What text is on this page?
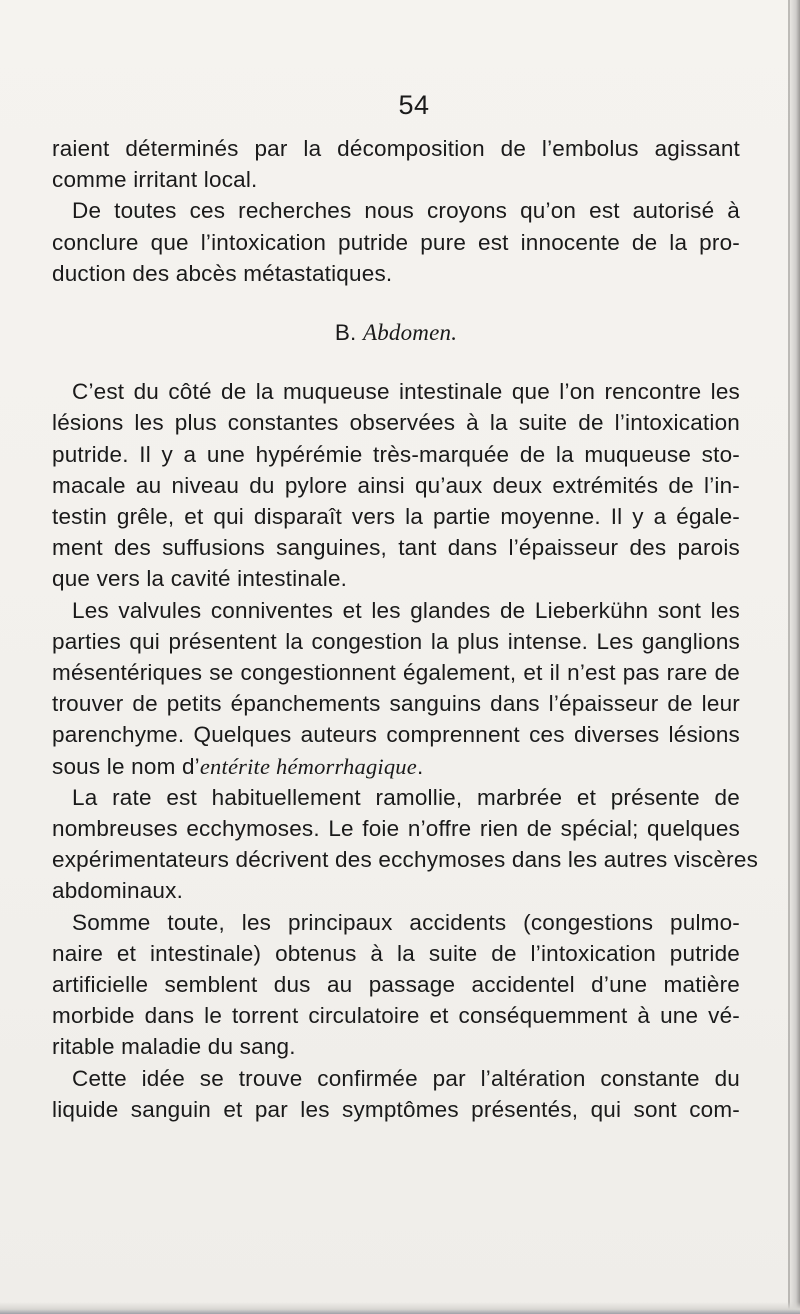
54
raient déterminés par la décomposition de l’embolus agissant
comme irritant local.
De toutes ces recherches nous croyons qu’on est autorisé à
conclure que l’intoxication putride pure est innocente de la pro-
duction des abcès métastatiques.
B. Abdomen.
C’est du côté de la muqueuse intestinale que l’on rencontre les
lésions les plus constantes observées à la suite de l’intoxication
putride. Il y a une hypérémie très-marquée de la muqueuse sto-
macale au niveau du pylore ainsi qu’aux deux extrémités de l’in-
testin grêle, et qui disparaît vers la partie moyenne. Il y a égale-
ment des suffusions sanguines, tant dans l’épaisseur des parois
que vers la cavité intestinale.
Les valvules conniventes et les glandes de Lieberkühn sont les
parties qui présentent la congestion la plus intense. Les ganglions
mésentériques se congestionnent également, et il n’est pas rare de
trouver de petits épanchements sanguins dans l’épaisseur de leur
parenchyme. Quelques auteurs comprennent ces diverses lésions
sous le nom d’entérite hémorrhagique.
La rate est habituellement ramollie, marbrée et présente de
nombreuses ecchymoses. Le foie n’offre rien de spécial; quelques
expérimentateurs décrivent des ecchymoses dans les autres viscères
abdominaux.
Somme toute, les principaux accidents (congestions pulmo-
naire et intestinale) obtenus à la suite de l’intoxication putride
artificielle semblent dus au passage accidentel d’une matière
morbide dans le torrent circulatoire et conséquemment à une vé-
ritable maladie du sang.
Cette idée se trouve confirmée par l’altération constante du
liquide sanguin et par les symptômes présentés, qui sont com-
